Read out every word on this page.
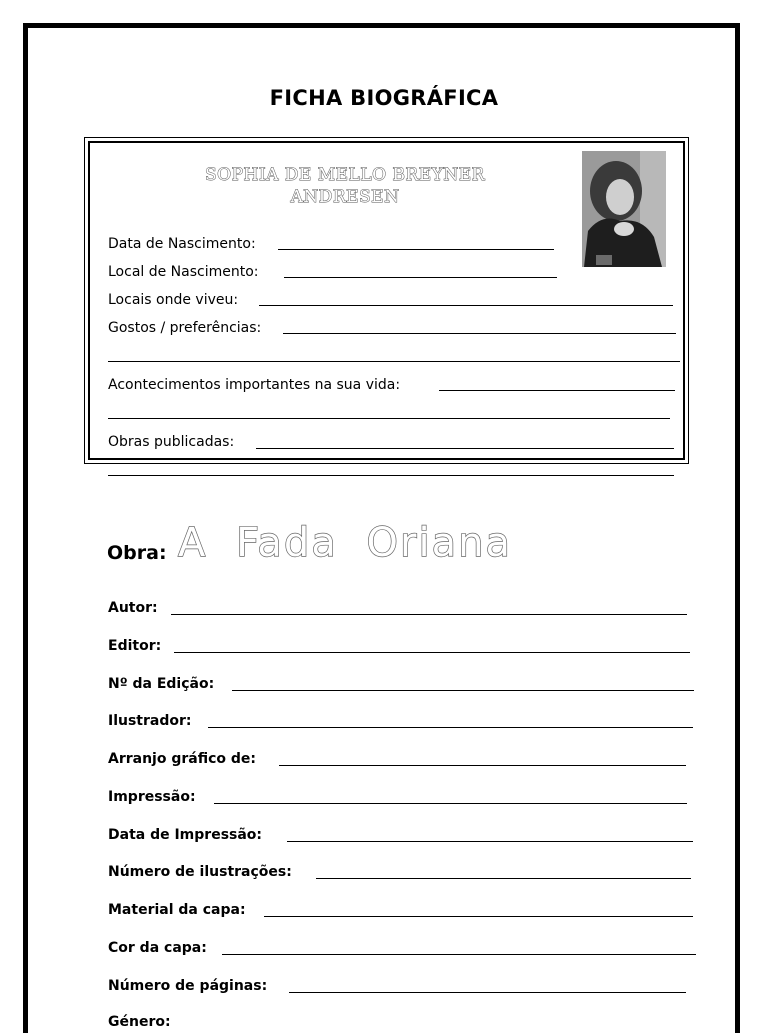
FICHA BIOGRÁFICA
SOPHIA DE MELLO BREYNER ANDRESEN
Data de Nascimento:
Local de Nascimento:
Locais onde viveu:
Gostos / preferências:
Acontecimentos importantes na sua vida:
Obras publicadas:
Obra: A Fada Oriana
Autor:
Editor:
Nº da Edição:
Ilustrador:
Arranjo gráfico de:
Impressão:
Data de Impressão:
Número de ilustrações:
Material da capa:
Cor da capa:
Número de páginas:
Género:
